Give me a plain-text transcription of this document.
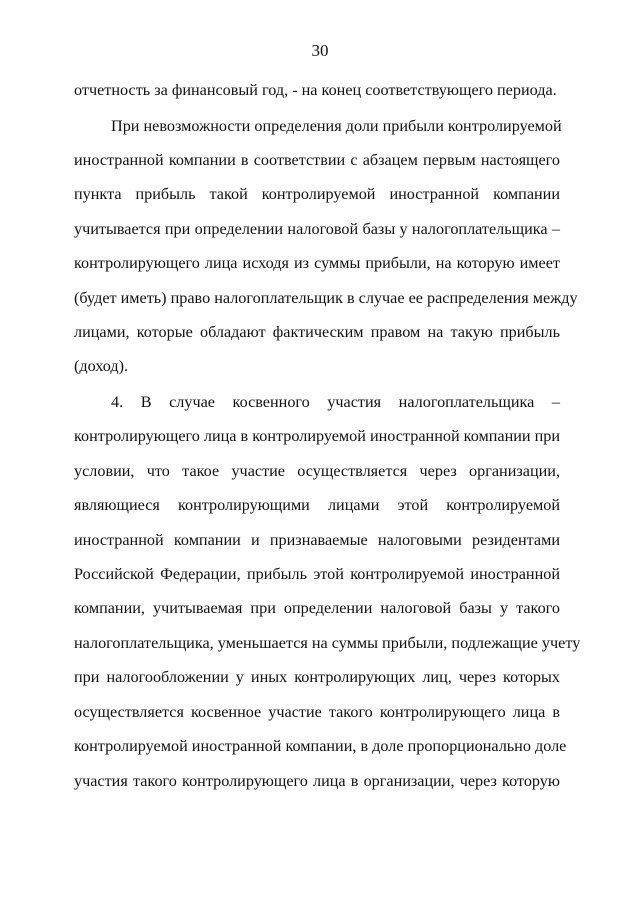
30
отчетность за финансовый год, - на конец соответствующего периода.
При невозможности определения доли прибыли контролируемой
иностранной компании в соответствии с абзацем первым настоящего
пункта прибыль такой контролируемой иностранной компании
учитывается при определении налоговой базы у налогоплательщика –
контролирующего лица исходя из суммы прибыли, на которую имеет
(будет иметь) право налогоплательщик в случае ее распределения между
лицами, которые обладают фактическим правом на такую прибыль
(доход).
4. В случае косвенного участия налогоплательщика –
контролирующего лица в контролируемой иностранной компании при
условии, что такое участие осуществляется через организации,
являющиеся контролирующими лицами этой контролируемой
иностранной компании и признаваемые налоговыми резидентами
Российской Федерации, прибыль этой контролируемой иностранной
компании, учитываемая при определении налоговой базы у такого
налогоплательщика, уменьшается на суммы прибыли, подлежащие учету
при налогообложении у иных контролирующих лиц, через которых
осуществляется косвенное участие такого контролирующего лица в
контролируемой иностранной компании, в доле пропорционально доле
участия такого контролирующего лица в организации, через которую
